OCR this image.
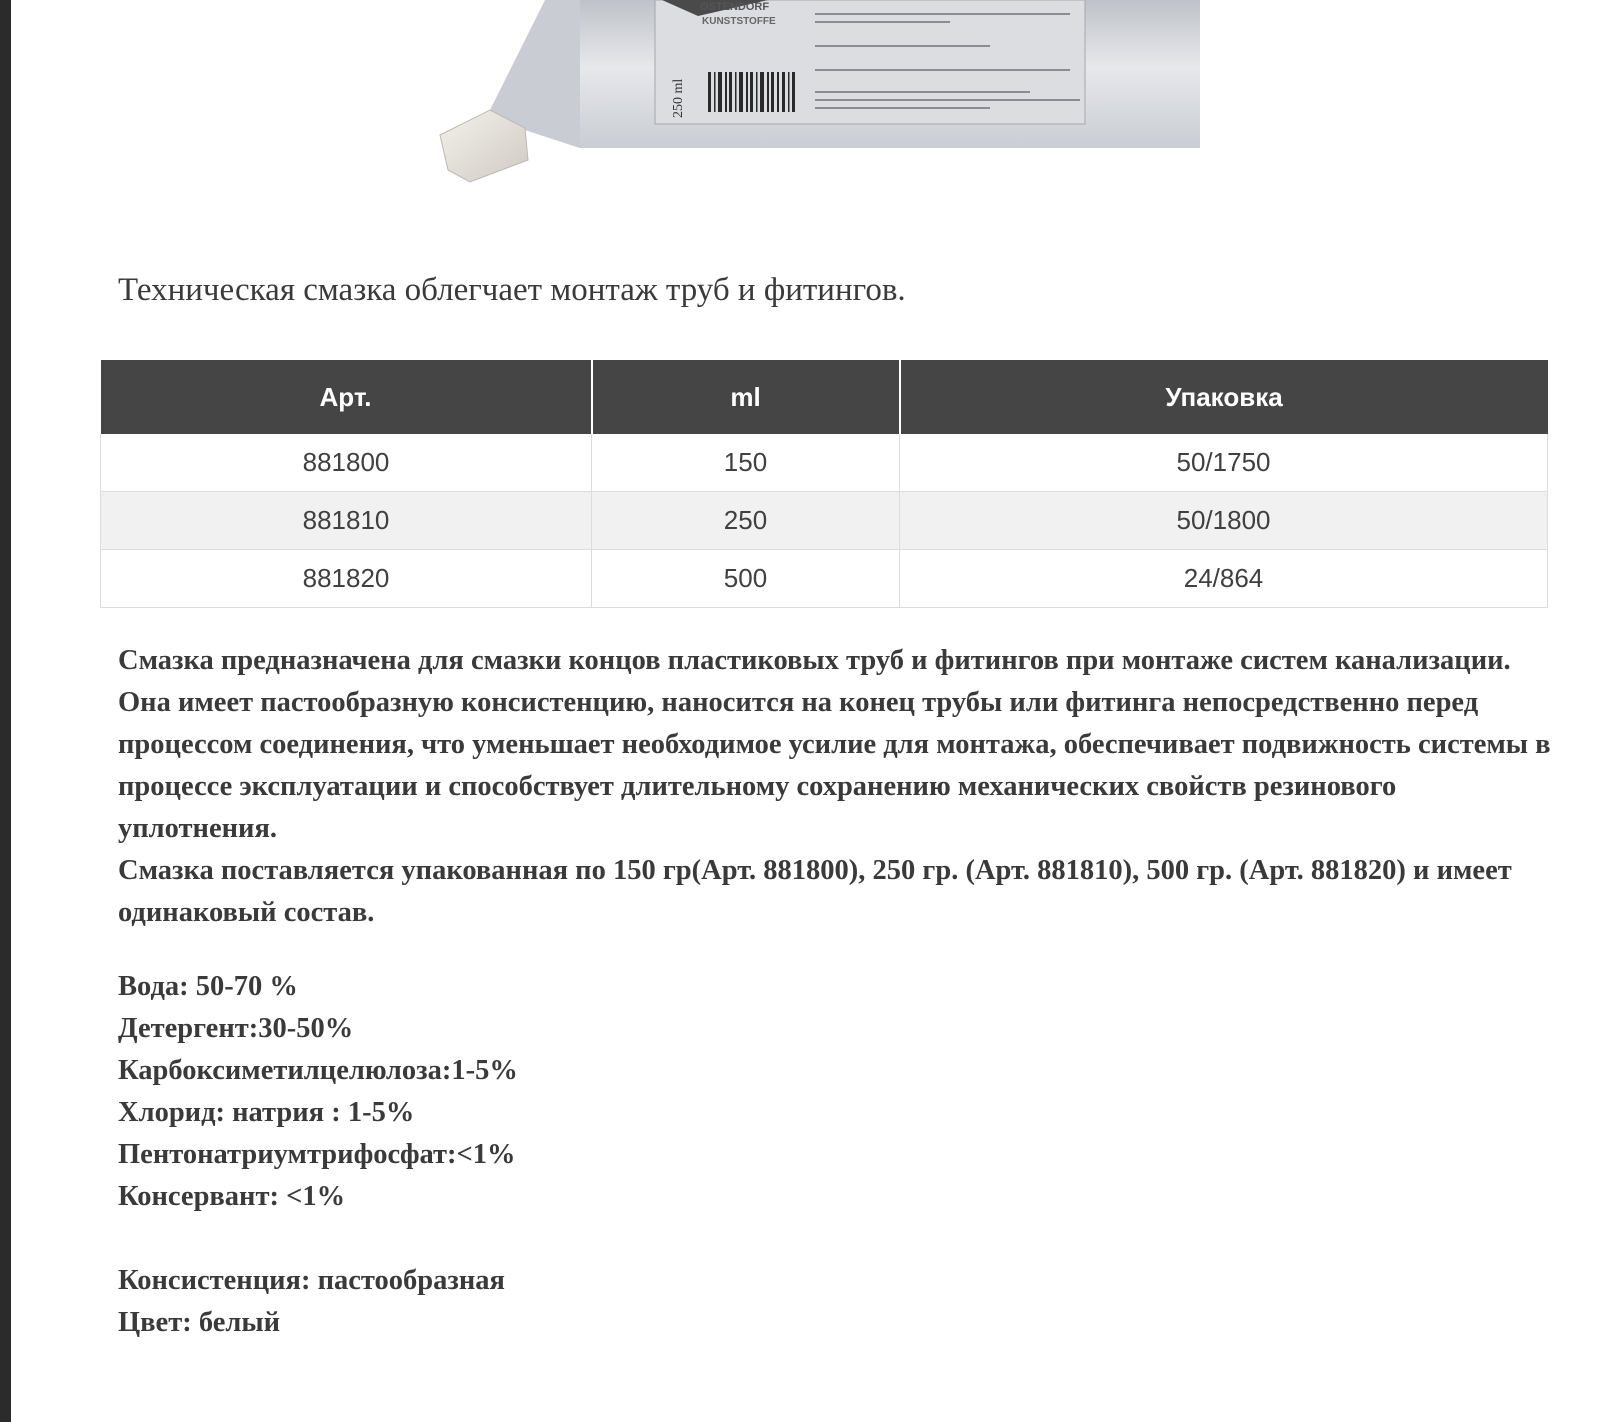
OSTENDORF
KUNSTSTOFFE
250 ml
Техническая смазка облегчает монтаж труб и фитингов.
Арт.	ml	Упаковка
881800	150	50/1750
881810	250	50/1800
881820	500	24/864

Смазка предназначена для смазки концов пластиковых труб и фитингов при монтаже систем канализации. Она имеет пастообразную консистенцию, наносится на конец трубы или фитинга непосредственно перед процессом соединения, что уменьшает необходимое усилие для монтажа, обеспечивает подвижность системы в процессе эксплуатации и способствует длительному сохранению механических свойств резинового уплотнения.

Смазка поставляется упакованная по 150 гр(Арт. 881800), 250 гр. (Арт. 881810), 500 гр. (Арт. 881820) и имеет одинаковый состав.

Вода: 50-70 %
Детергент:30-50%
Карбоксиметилцелюлоза:1-5%
Хлорид: натрия : 1-5%
Пентонатриумтрифосфат:<1%
Консервант: <1%
Консистенция: пастообразная
Цвет: белый
